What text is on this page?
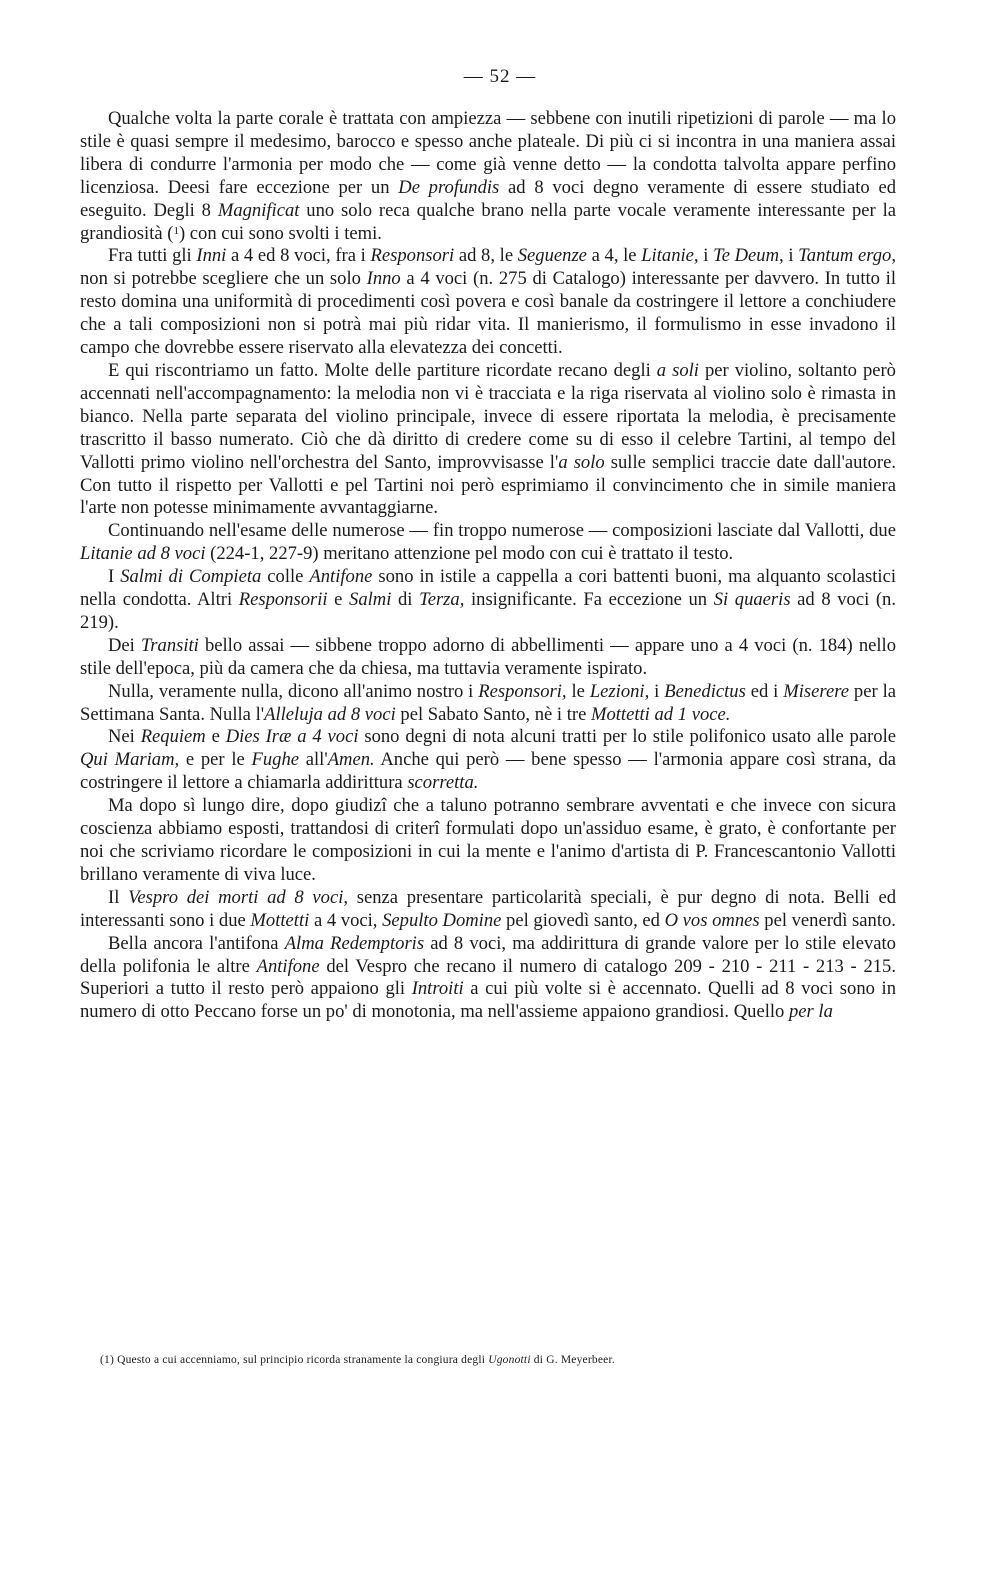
— 52 —

Qualche volta la parte corale è trattata con ampiezza — sebbene con inutili ripetizioni di parole — ma lo stile è quasi sempre il medesimo, barocco e spesso anche plateale. Di più ci si incontra in una maniera assai libera di condurre l'armonia per modo che — come già venne detto — la condotta talvolta appare perfino licenziosa. Deesi fare eccezione per un De profundis ad 8 voci degno veramente di essere studiato ed eseguito. Degli 8 Magnificat uno solo reca qualche brano nella parte vocale veramente interessante per la grandiosità ($^1$) con cui sono svolti i temi.

Fra tutti gli Inni a 4 ed 8 voci, fra i Responsori ad 8, le Seguenze a 4, le Litanie, i Te Deum, i Tantum ergo, non si potrebbe scegliere che un solo Inno a 4 voci (n. 275 di Catalogo) interessante per davvero. In tutto il resto domina una uniformità di procedimenti così povera e così banale da costringere il lettore a conchiudere che a tali composizioni non si potrà mai più ridar vita. Il manierismo, il formulismo in esse invadono il campo che dovrebbe essere riservato alla elevatezza dei concetti.

E qui riscontriamo un fatto. Molte delle partiture ricordate recano degli a soli per violino, soltanto però accennati nell'accompagnamento: la melodia non vi è tracciata e la riga riservata al violino solo è rimasta in bianco. Nella parte separata del violino principale, invece di essere riportata la melodia, è precisamente trascritto il basso numerato. Ciò che dà diritto di credere come su di esso il celebre Tartini, al tempo del Vallotti primo violino nell'orchestra del Santo, improvvisasse l'a solo sulle semplici traccie date dall'autore. Con tutto il rispetto per Vallotti e pel Tartini noi però esprimiamo il convincimento che in simile maniera l'arte non potesse minimamente avvantaggiarne.

Continuando nell'esame delle numerose — fin troppo numerose — composizioni lasciate dal Vallotti, due Litanie ad 8 voci (224-1, 227-9) meritano attenzione pel modo con cui è trattato il testo.

I Salmi di Compieta colle Antifone sono in istile a cappella a cori battenti buoni, ma alquanto scolastici nella condotta. Altri Responsorii e Salmi di Terza, insignificante. Fa eccezione un Si quaeris ad 8 voci (n. 219).

Dei Transiti bello assai — sibbene troppo adorno di abbellimenti — appare uno a 4 voci (n. 184) nello stile dell'epoca, più da camera che da chiesa, ma tuttavia veramente ispirato.

Nulla, veramente nulla, dicono all'animo nostro i Responsori, le Lezioni, i Benedictus ed i Miserere per la Settimana Santa. Nulla l'Alleluja ad 8 voci pel Sabato Santo, nè i tre Mottetti ad 1 voce.

Nei Requiem e Dies Iræ a 4 voci sono degni di nota alcuni tratti per lo stile polifonico usato alle parole Qui Mariam, e per le Fughe all'Amen. Anche qui però — bene spesso — l'armonia appare così strana, da costringere il lettore a chiamarla addirittura scorretta.

Ma dopo sì lungo dire, dopo giudizî che a taluno potranno sembrare avventati e che invece con sicura coscienza abbiamo esposti, trattandosi di criterî formulati dopo un'assiduo esame, è grato, è confortante per noi che scriviamo ricordare le composizioni in cui la mente e l'animo d'artista di P. Francescantonio Vallotti brillano veramente di viva luce.

Il Vespro dei morti ad 8 voci, senza presentare particolarità speciali, è pur degno di nota. Belli ed interessanti sono i due Mottetti a 4 voci, Sepulto Domine pel giovedì santo, ed O vos omnes pel venerdì santo.

Bella ancora l'antifona Alma Redemptoris ad 8 voci, ma addirittura di grande valore per lo stile elevato della polifonia le altre Antifone del Vespro che recano il numero di catalogo 209 - 210 - 211 - 213 - 215. Superiori a tutto il resto però appaiono gli Introiti a cui più volte si è accennato. Quelli ad 8 voci sono in numero di otto Peccano forse un po' di monotonia, ma nell'assieme appaiono grandiosi. Quello per la

(1) Questo a cui accenniamo, sul principio ricorda stranamente la congiura degli Ugonotti di G. Meyerbeer.
